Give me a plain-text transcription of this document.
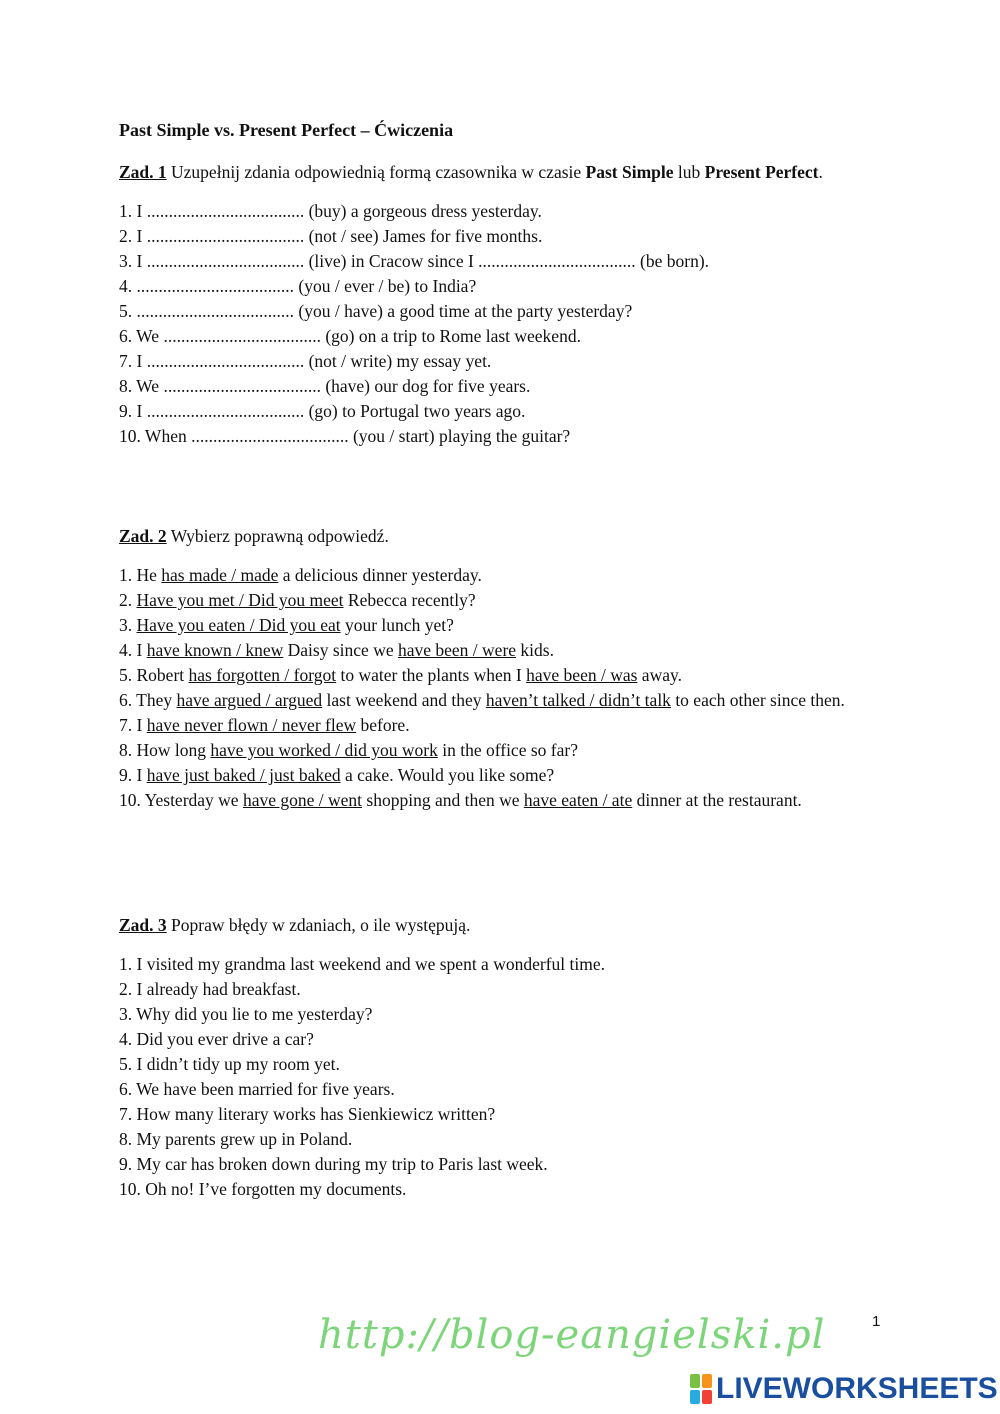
Past Simple vs. Present Perfect – Ćwiczenia
Zad. 1 Uzupełnij zdania odpowiednią formą czasownika w czasie Past Simple lub Present Perfect.
1. I .................................... (buy) a gorgeous dress yesterday.
2. I .................................... (not / see) James for five months.
3. I .................................... (live) in Cracow since I .................................... (be born).
4. .................................... (you / ever / be) to India?
5. .................................... (you / have) a good time at the party yesterday?
6. We .................................... (go) on a trip to Rome last weekend.
7. I .................................... (not / write) my essay yet.
8. We .................................... (have) our dog for five years.
9. I .................................... (go) to Portugal two years ago.
10. When .................................... (you / start) playing the guitar?
Zad. 2 Wybierz poprawną odpowiedź.
1. He has made / made a delicious dinner yesterday.
2. Have you met / Did you meet Rebecca recently?
3. Have you eaten / Did you eat your lunch yet?
4. I have known / knew Daisy since we have been / were kids.
5. Robert has forgotten / forgot to water the plants when I have been / was away.
6. They have argued / argued last weekend and they haven’t talked / didn’t talk to each other since then.
7. I have never flown / never flew before.
8. How long have you worked / did you work in the office so far?
9. I have just baked / just baked a cake. Would you like some?
10. Yesterday we have gone / went shopping and then we have eaten / ate dinner at the restaurant.
Zad. 3 Popraw błędy w zdaniach, o ile występują.
1. I visited my grandma last weekend and we spent a wonderful time.
2. I already had breakfast.
3. Why did you lie to me yesterday?
4. Did you ever drive a car?
5. I didn’t tidy up my room yet.
6. We have been married for five years.
7. How many literary works has Sienkiewicz written?
8. My parents grew up in Poland.
9. My car has broken down during my trip to Paris last week.
10. Oh no! I’ve forgotten my documents.
1
http://blog-eangielski.pl
LIVEWORKSHEETS
